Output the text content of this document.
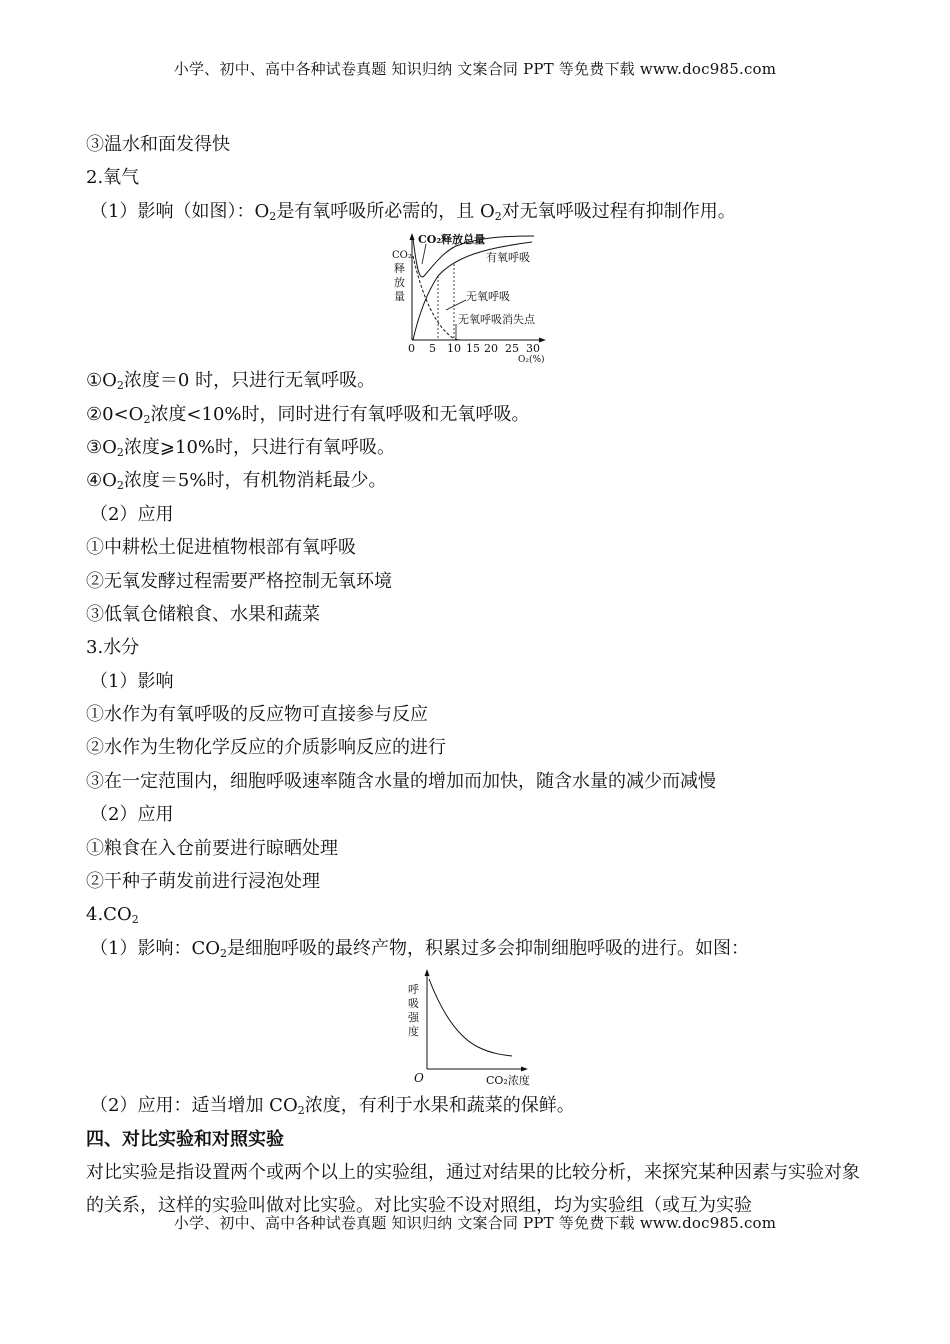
小学、初中、高中各种试卷真题 知识归纳 文案合同 PPT 等免费下载 www.doc985.com
③温水和面发得快
2.氧气
（1）影响（如图）：$O_2$是有氧呼吸所必需的，且 $O_2$对无氧呼吸过程有抑制作用。
CO₂
释
放
量
CO₂释放总量
有氧呼吸
无氧呼吸
无氧呼吸消失点
0 5 10 15 20 25 30
O₂(%)
$①O_2$浓度＝0 时，只进行无氧呼吸。
$②0<O_2$浓度<10%时，同时进行有氧呼吸和无氧呼吸。
$③O_2$浓度⩾10%时，只进行有氧呼吸。
$④O_2$浓度＝5%时，有机物消耗最少。
（2）应用
①中耕松土促进植物根部有氧呼吸
②无氧发酵过程需要严格控制无氧环境
③低氧仓储粮食、水果和蔬菜
3.水分
（1）影响
①水作为有氧呼吸的反应物可直接参与反应
②水作为生物化学反应的介质影响反应的进行
③在一定范围内，细胞呼吸速率随含水量的增加而加快，随含水量的减少而减慢
（2）应用
①粮食在入仓前要进行晾晒处理
②干种子萌发前进行浸泡处理
$4.CO_2$
（1）影响：$CO_2$是细胞呼吸的最终产物，积累过多会抑制细胞呼吸的进行。如图：
呼
吸
强
度
O	CO₂浓度
（2）应用：适当增加 $CO_2$浓度，有利于水果和蔬菜的保鲜。
四、对比实验和对照实验
对比实验是指设置两个或两个以上的实验组，通过对结果的比较分析，来探究某种因素与实验对象的关系，这样的实验叫做对比实验。对比实验不设对照组，均为实验组（或互为实验
小学、初中、高中各种试卷真题 知识归纳 文案合同 PPT 等免费下载 www.doc985.com
